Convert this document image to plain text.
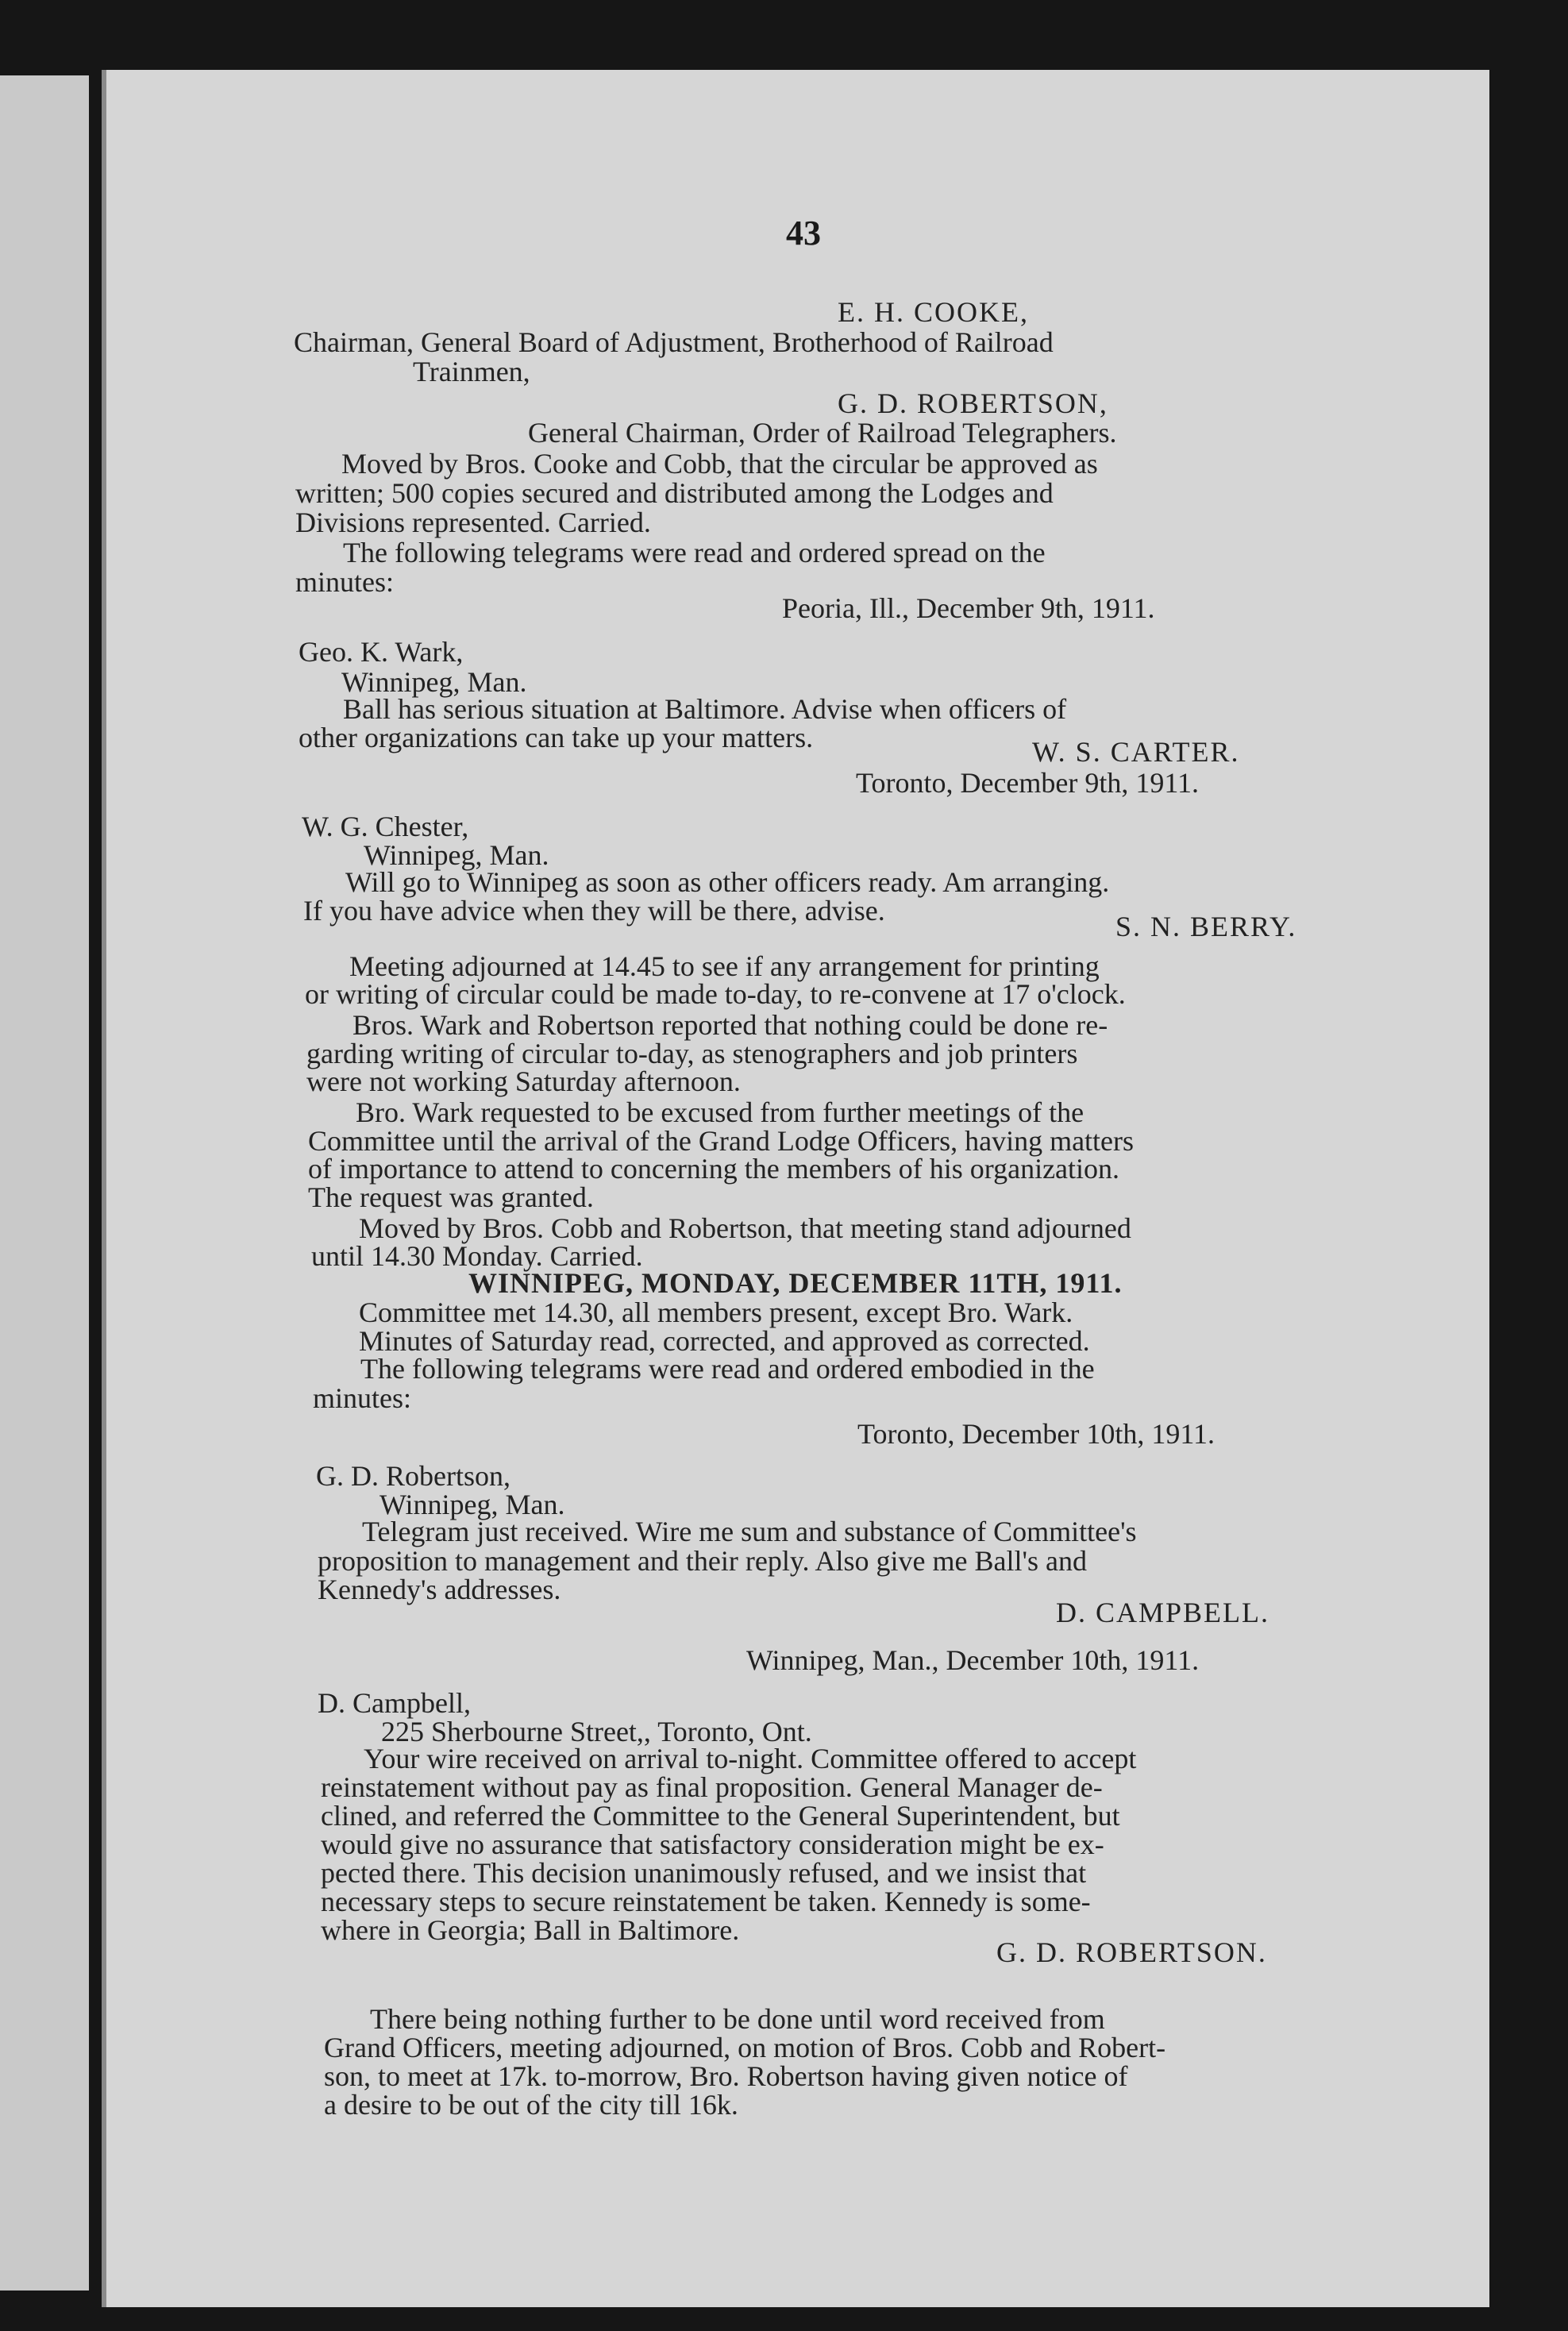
43
E. H. COOKE,
Chairman, General Board of Adjustment, Brotherhood of Railroad
Trainmen,
G. D. ROBERTSON,
General Chairman, Order of Railroad Telegraphers.
Moved by Bros. Cooke and Cobb, that the circular be approved as
written; 500 copies secured and distributed among the Lodges and
Divisions represented. Carried.
The following telegrams were read and ordered spread on the
minutes:
Peoria, Ill., December 9th, 1911.
Geo. K. Wark,
Winnipeg, Man.
Ball has serious situation at Baltimore. Advise when officers of
other organizations can take up your matters.	W. S. CARTER.
Toronto, December 9th, 1911.
W. G. Chester,
Winnipeg, Man.
Will go to Winnipeg as soon as other officers ready. Am arranging.
If you have advice when they will be there, advise.	S. N. BERRY.
Meeting adjourned at 14.45 to see if any arrangement for printing
or writing of circular could be made to-day, to re-convene at 17 o'clock.
Bros. Wark and Robertson reported that nothing could be done re-
garding writing of circular to-day, as stenographers and job printers
were not working Saturday afternoon.
Bro. Wark requested to be excused from further meetings of the
Committee until the arrival of the Grand Lodge Officers, having matters
of importance to attend to concerning the members of his organization.
The request was granted.
Moved by Bros. Cobb and Robertson, that meeting stand adjourned
until 14.30 Monday. Carried.
WINNIPEG, MONDAY, DECEMBER 11TH, 1911.
Committee met 14.30, all members present, except Bro. Wark.
Minutes of Saturday read, corrected, and approved as corrected.
The following telegrams were read and ordered embodied in the
minutes:
Toronto, December 10th, 1911.
G. D. Robertson,
Winnipeg, Man.
Telegram just received. Wire me sum and substance of Committee's
proposition to management and their reply. Also give me Ball's and
Kennedy's addresses.
D. CAMPBELL.
Winnipeg, Man., December 10th, 1911.
D. Campbell,
225 Sherbourne Street,, Toronto, Ont.
Your wire received on arrival to-night. Committee offered to accept
reinstatement without pay as final proposition. General Manager de-
clined, and referred the Committee to the General Superintendent, but
would give no assurance that satisfactory consideration might be ex-
pected there. This decision unanimously refused, and we insist that
necessary steps to secure reinstatement be taken. Kennedy is some-
where in Georgia; Ball in Baltimore.
G. D. ROBERTSON.
There being nothing further to be done until word received from
Grand Officers, meeting adjourned, on motion of Bros. Cobb and Robert-
son, to meet at 17k. to-morrow, Bro. Robertson having given notice of
a desire to be out of the city till 16k.
